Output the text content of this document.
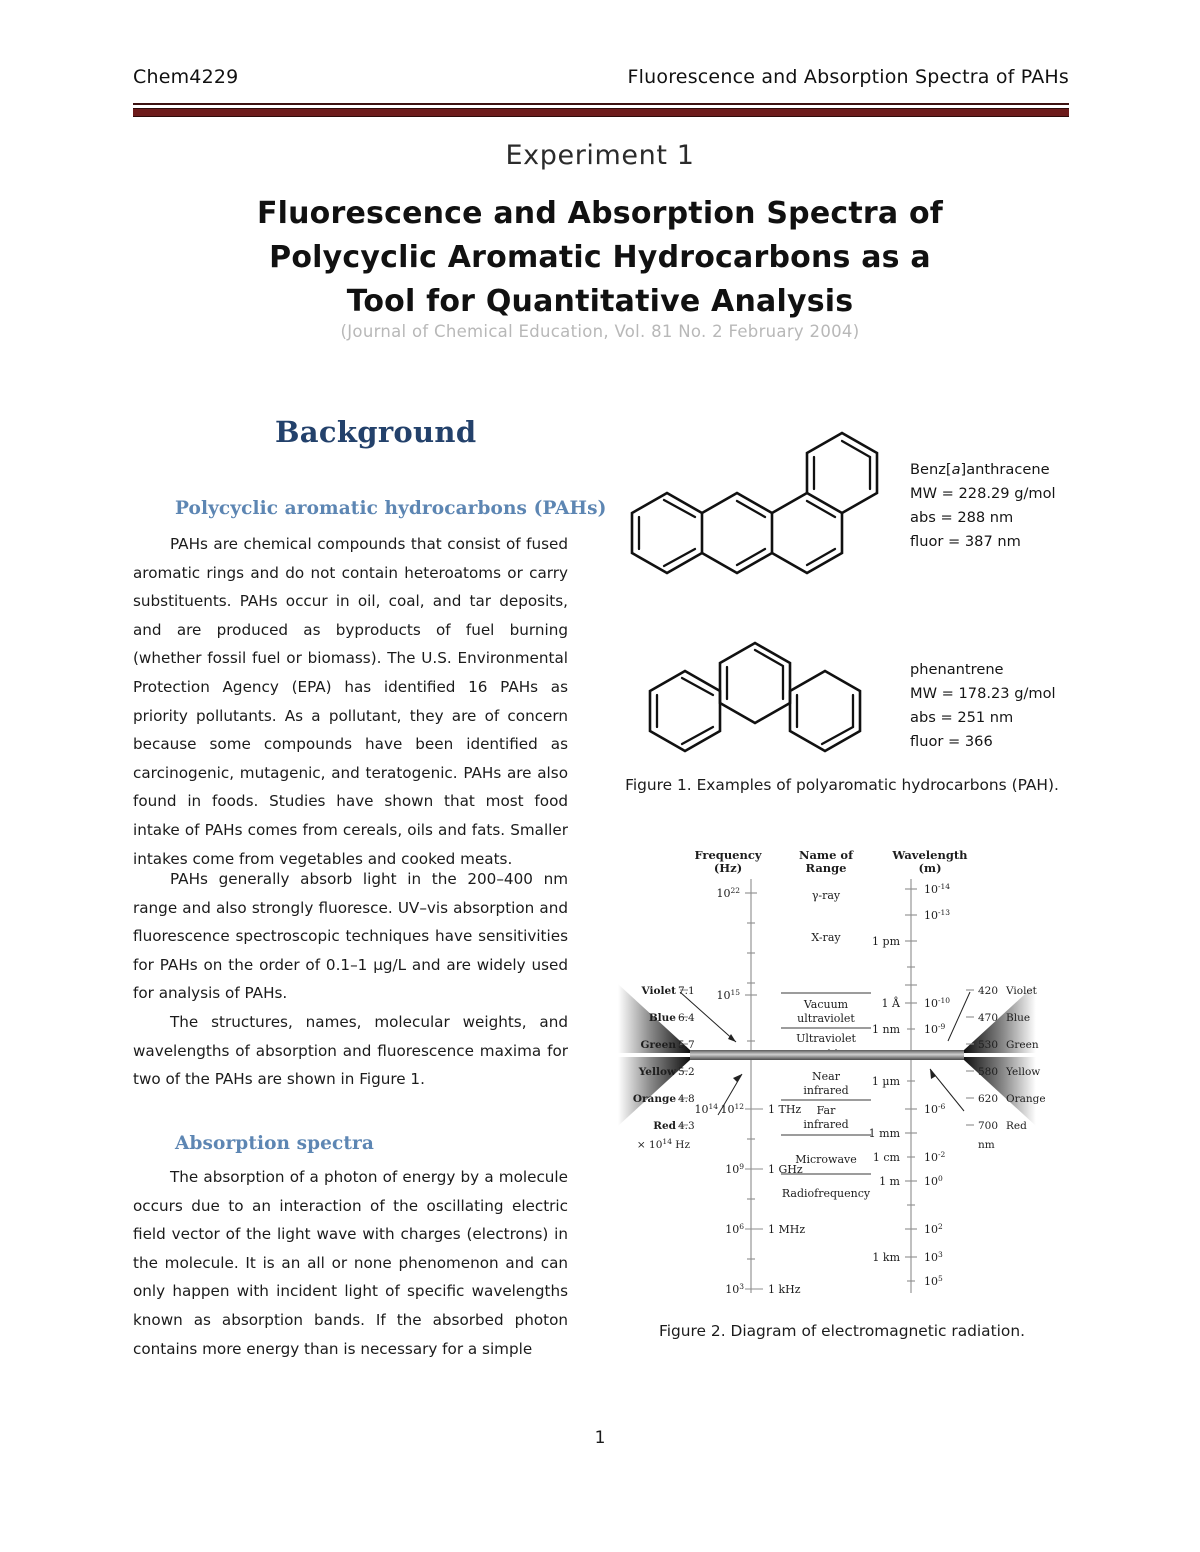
Chem4229	Fluorescence and Absorption Spectra of PAHs
Experiment 1
Fluorescence and Absorption Spectra of
Polycyclic Aromatic Hydrocarbons as a
Tool for Quantitative Analysis
(Journal of Chemical Education, Vol. 81 No. 2 February 2004)
Background
Polycyclic aromatic hydrocarbons (PAHs)
Absorption spectra

PAHs are chemical compounds that consist of fused aromatic rings and do not contain heteroatoms or carry substituents. PAHs occur in oil, coal, and tar deposits, and are produced as byproducts of fuel burning (whether fossil fuel or biomass). The U.S. Environmental Protection Agency (EPA) has identified 16 PAHs as priority pollutants. As a pollutant, they are of concern because some compounds have been identified as carcinogenic, mutagenic, and teratogenic. PAHs are also found in foods. Studies have shown that most food intake of PAHs comes from cereals, oils and fats. Smaller intakes come from vegetables and cooked meats.

PAHs generally absorb light in the 200–400 nm range and also strongly fluoresce. UV–vis absorption and fluorescence spectroscopic techniques have sensitivities for PAHs on the order of 0.1–1 µg/L and are widely used for analysis of PAHs.

The structures, names, molecular weights, and wavelengths of absorption and fluorescence maxima for two of the PAHs are shown in Figure 1.

The absorption of a photon of energy by a molecule occurs due to an interaction of the oscillating electric field vector of the light wave with charges (electrons) in the molecule. It is an all or none phenomenon and can only happen with incident light of specific wavelengths known as absorption bands. If the absorbed photon contains more energy than is necessary for a simple

Benz[a]anthracene
MW = 228.29 g/mol
abs = 288 nm
fluor = 387 nm
phenantrene
MW = 178.23 g/mol
abs = 251 nm
fluor = 366
Figure 1. Examples of polyaromatic hydrocarbons (PAH).
Frequency
(Hz)
Name of
Range
Wavelength
(m)
$10^{22}$
$10^{15}$
$10^{14}$ $10^{12}$
$10^9$
$10^6$
$10^3$
1 THz
1 GHz
1 MHz
1 kHz
$10^{-14}$
$10^{-13}$
$10^{-10}$
$10^{-9}$
$10^{-6}$
$10^{-2}$
$10^0$
$10^2$
$10^3$
$10^5$
1 pm
1 Å
1 nm
1 µm
1 mm
1 cm
1 m
1 km
γ-ray
X-ray
Vacuum
ultraviolet
Ultraviolet
Near
infrared
Far
infrared
Microwave
Radiofrequency
Violet 7.1
Blue 6.4
Green 5.7
Yellow 5.2
Orange 4.8
Red 4.3
× $10^{14}$ Hz
420 Violet
470 Blue
530 Green
580 Yellow
620 Orange
700 Red
nm
Figure 2. Diagram of electromagnetic radiation.
1
